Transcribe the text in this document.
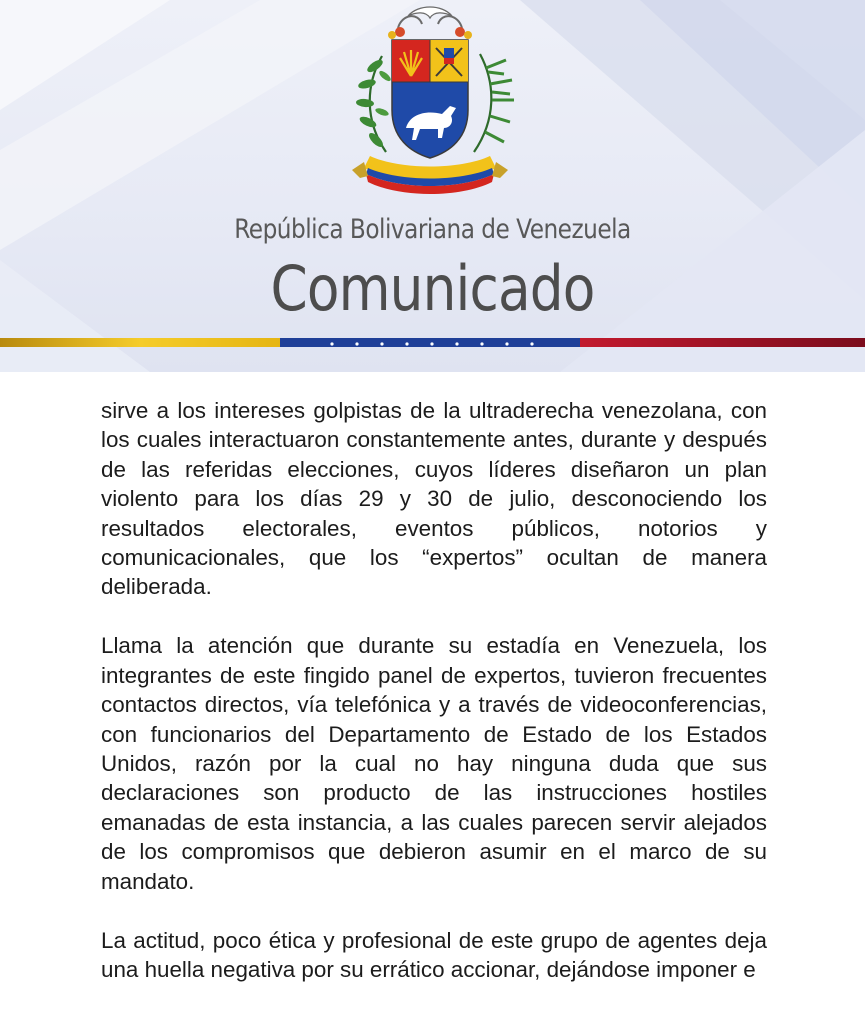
República Bolivariana de Venezuela
Comunicado

sirve a los intereses golpistas de la ultraderecha venezolana, con los cuales interactuaron constantemente antes, durante y después de las referidas elecciones, cuyos líderes diseñaron un plan violento para los días 29 y 30 de julio, desconociendo los resultados electorales, eventos públicos, notorios y comunicacionales, que los “expertos” ocultan de manera deliberada.

Llama la atención que durante su estadía en Venezuela, los integrantes de este fingido panel de expertos, tuvieron frecuentes contactos directos, vía telefónica y a través de videoconferencias, con funcionarios del Departamento de Estado de los Estados Unidos, razón por la cual no hay ninguna duda que sus declaraciones son producto de las instrucciones hostiles emanadas de esta instancia, a las cuales parecen servir alejados de los compromisos que debieron asumir en el marco de su mandato.

La actitud, poco ética y profesional de este grupo de agentes deja una huella negativa por su errático accionar, dejándose imponer e
